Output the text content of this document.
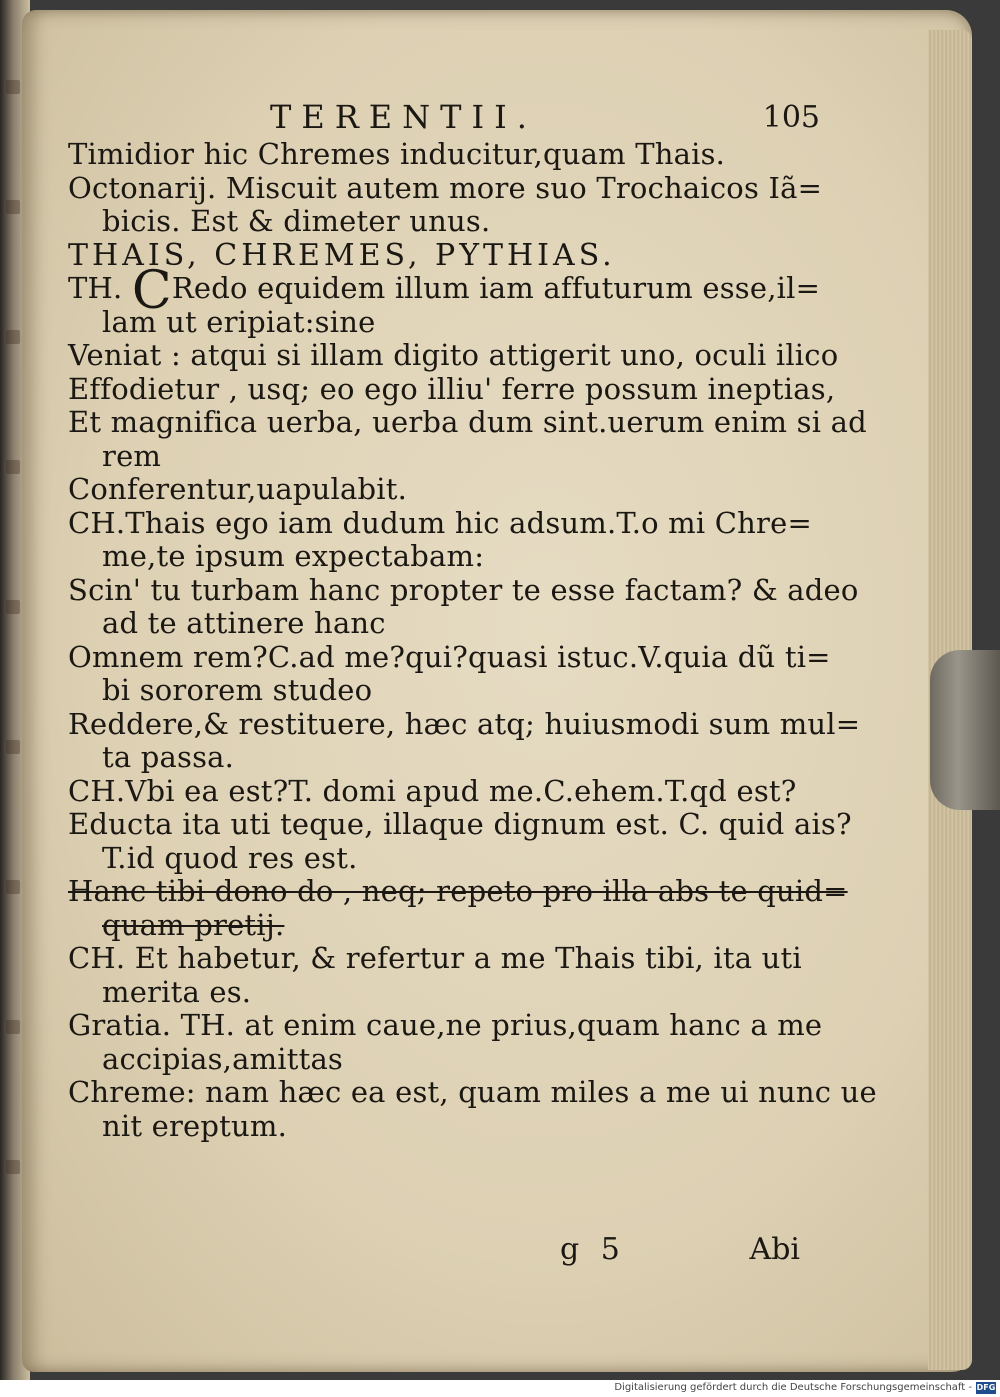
TERENTII.	105
Timidior hic Chremes inducitur,quam Thais.
Octonarij. Miscuit autem more suo Trochaicos Iã=
bicis. Est & dimeter unus.
THAIS, CHREMES, PYTHIAS.
TH. CRedo equidem illum iam affuturum esse,il=
lam ut eripiat:sine
Veniat : atqui si illam digito attigerit uno, oculi ilico
Effodietur , usq; eo ego illiu' ferre possum ineptias,
Et magnifica uerba, uerba dum sint.uerum enim si ad
rem
Conferentur,uapulabit.
CH.Thais ego iam dudum hic adsum.T.o mi Chre=
me,te ipsum expectabam:
Scin' tu turbam hanc propter te esse factam? & adeo
ad te attinere hanc
Omnem rem?C.ad me?qui?quasi istuc.V.quia dũ ti=
bi sororem studeo
Reddere,& restituere, hæc atq; huiusmodi sum mul=
ta passa.
CH.Vbi ea est?T. domi apud me.C.ehem.T.qd est?
Educta ita uti teque, illaque dignum est. C. quid ais?
T.id quod res est.
Hanc tibi dono do , neq; repeto pro illa abs te quid=
quam pretij.
CH. Et habetur, & refertur a me Thais tibi, ita uti
merita es.
Gratia. TH. at enim caue,ne prius,quam hanc a me
accipias,amittas
Chreme: nam hæc ea est, quam miles a me ui nunc ue
nit ereptum.
g 5	Abi
Digitalisierung gefördert durch die Deutsche Forschungsgemeinschaft - DFG
